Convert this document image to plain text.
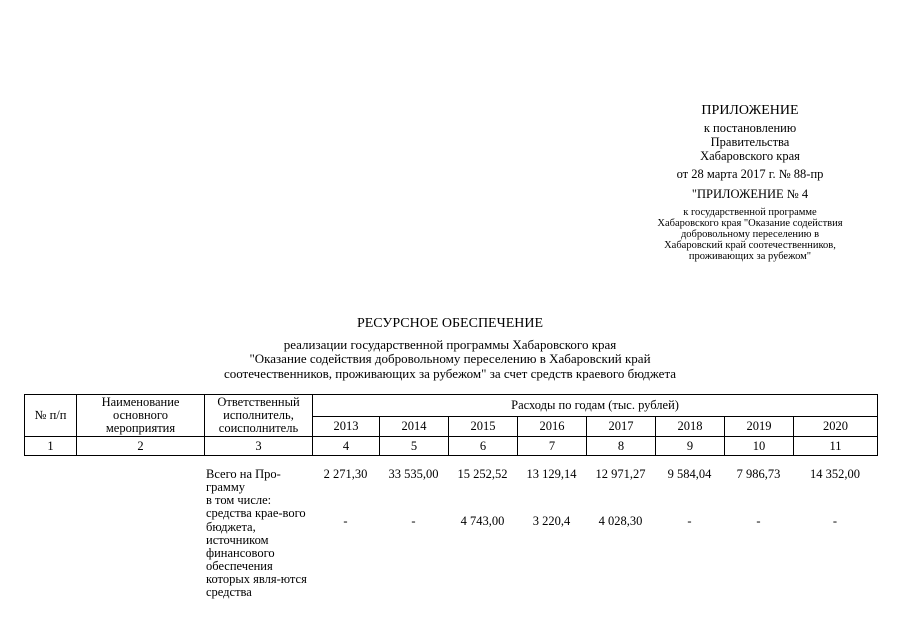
ПРИЛОЖЕНИЕ
к постановлению
Правительства
Хабаровского края
от 28 марта 2017 г. № 88-пр
"ПРИЛОЖЕНИЕ № 4
к государственной программе
Хабаровского края "Оказание содействия
добровольному переселению в
Хабаровский край соотечественников,
проживающих за рубежом"
РЕСУРСНОЕ ОБЕСПЕЧЕНИЕ
реализации государственной программы Хабаровского края
"Оказание содействия добровольному переселению в Хабаровский край
соотечественников, проживающих за рубежом" за счет средств краевого бюджета
№ п/п	Наименование основного мероприятия	Ответственный исполнитель, соисполнитель	Расходы по годам (тыс. рублей)							
			2013	2014	2015	2016	2017	2018	2019	2020
1	2	3	4	5	6	7	8	9	10	11
		Всего на Про-грамму	2 271,30	33 535,00	15 252,52	13 129,14	12 971,27	9 584,04	7 986,73	14 352,00
		в том числе:								
		средства крае-вого бюджета, источником финансового обеспечения которых явля-ются средства	-	-	4 743,00	3 220,4	4 028,30	-	-	-
